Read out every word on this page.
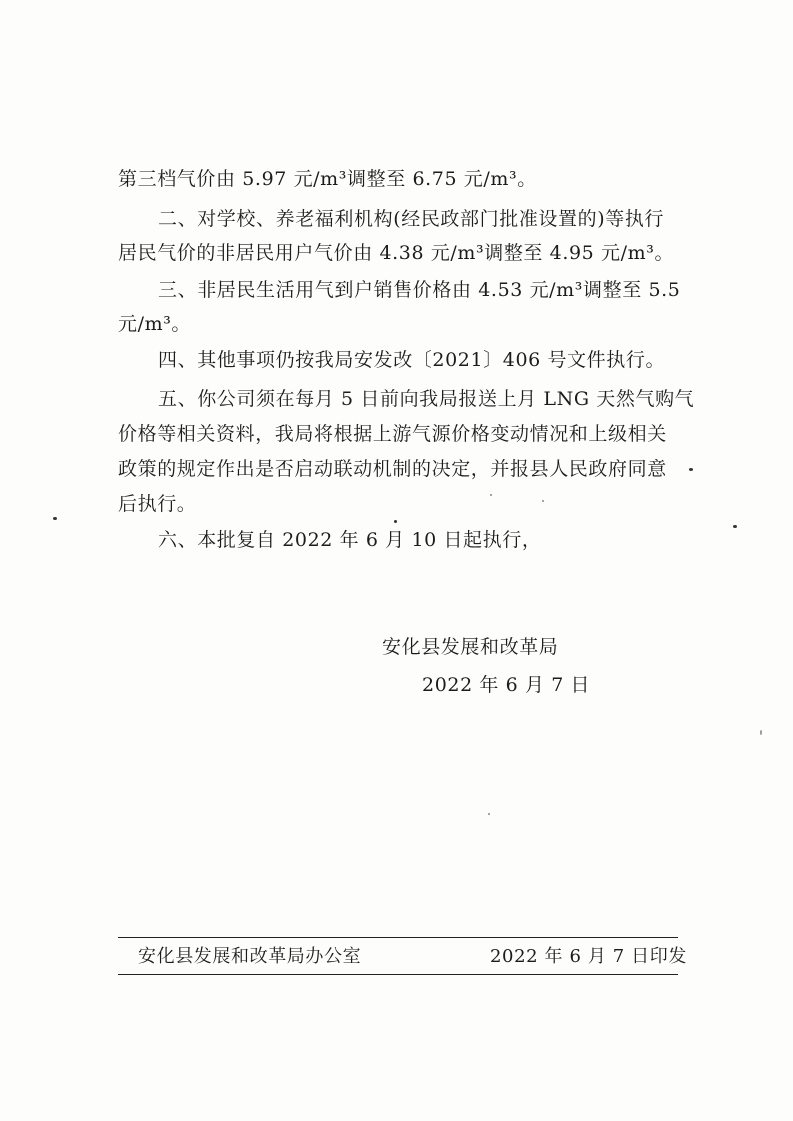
第三档气价由 5.97 元/m³调整至 6.75 元/m³。
二、对学校、养老福利机构(经民政部门批准设置的)等执行
居民气价的非居民用户气价由 4.38 元/m³调整至 4.95 元/m³。
三、非居民生活用气到户销售价格由 4.53 元/m³调整至 5.5
元/m³。
四、其他事项仍按我局安发改〔2021〕406 号文件执行。
五、你公司须在每月 5 日前向我局报送上月 LNG 天然气购气
价格等相关资料，我局将根据上游气源价格变动情况和上级相关
政策的规定作出是否启动联动机制的决定，并报县人民政府同意
后执行。
六、本批复自 2022 年 6 月 10 日起执行，
安化县发展和改革局
2022 年 6 月 7 日
安化县发展和改革局办公室	2022 年 6 月 7 日印发
